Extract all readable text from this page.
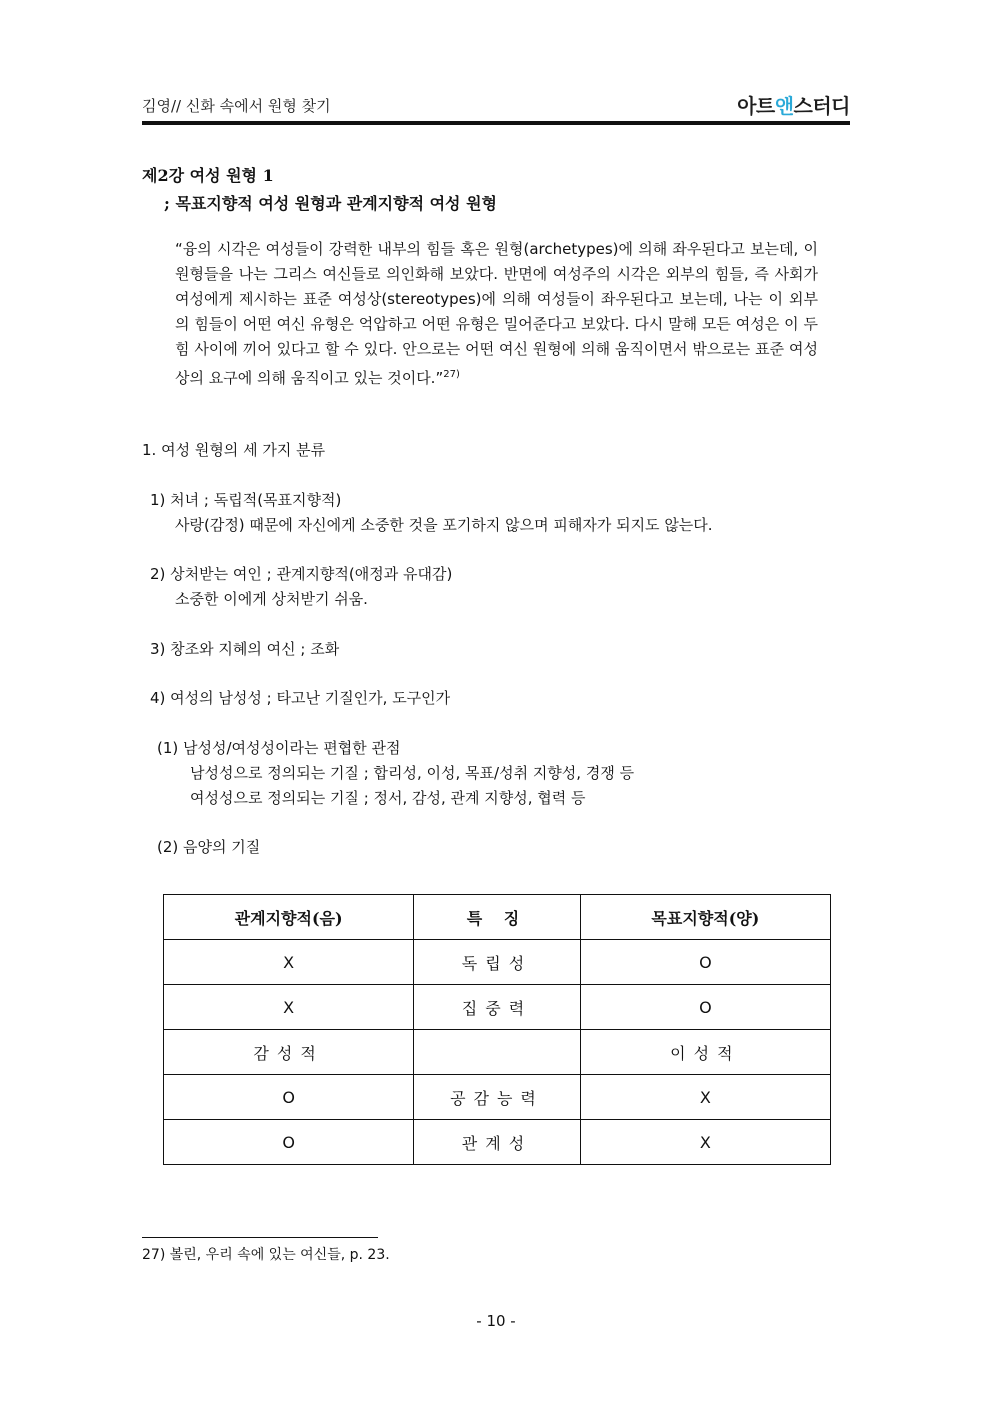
김영// 신화 속에서 원형 찾기	아트앤스터디
제2강 여성 원형 1
; 목표지향적 여성 원형과 관계지향적 여성 원형
“융의 시각은 여성들이 강력한 내부의 힘들 혹은 원형(archetypes)에 의해 좌우된다고 보는데, 이 원형들을 나는 그리스 여신들로 의인화해 보았다. 반면에 여성주의 시각은 외부의 힘들, 즉 사회가 여성에게 제시하는 표준 여성상(stereotypes)에 의해 여성들이 좌우된다고 보는데, 나는 이 외부의 힘들이 어떤 여신 유형은 억압하고 어떤 유형은 밀어준다고 보았다. 다시 말해 모든 여성은 이 두 힘 사이에 끼어 있다고 할 수 있다. 안으로는 어떤 여신 원형에 의해 움직이면서 밖으로는 표준 여성상의 요구에 의해 움직이고 있는 것이다.”$^{27)}$
1. 여성 원형의 세 가지 분류
1) 처녀 ; 독립적(목표지향적)
사랑(감정) 때문에 자신에게 소중한 것을 포기하지 않으며 피해자가 되지도 않는다.
2) 상처받는 여인 ; 관계지향적(애정과 유대감)
소중한 이에게 상처받기 쉬움.
3) 창조와 지혜의 여신 ; 조화
4) 여성의 남성성 ; 타고난 기질인가, 도구인가
(1) 남성성/여성성이라는 편협한 관점
남성성으로 정의되는 기질 ; 합리성, 이성, 목표/성취 지향성, 경쟁 등
여성성으로 정의되는 기질 ; 정서, 감성, 관계 지향성, 협력 등
(2) 음양의 기질
관계지향적(음)	특 징	목표지향적(양)
X	독립성	O
X	집중력	O
감성적		이성적
O	공감능력	X
O	관계성	X
27) 볼린, 우리 속에 있는 여신들, p. 23.
- 10 -
